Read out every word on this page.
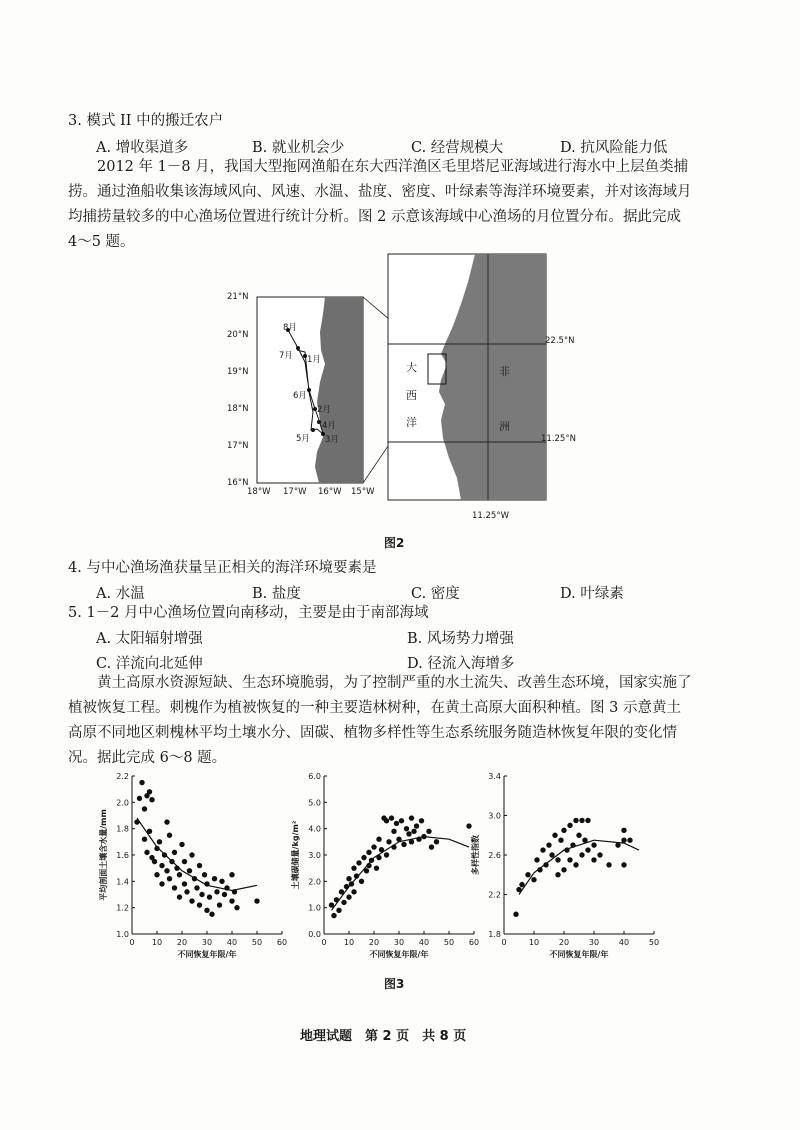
3. 模式 II 中的搬迁农户
A. 增收渠道多	B. 就业机会少	C. 经营规模大	D. 抗风险能力低
2012 年 1－8 月，我国大型拖网渔船在东大西洋渔区毛里塔尼亚海域进行海水中上层鱼类捕捞。通过渔船收集该海域风向、风速、水温、盐度、密度、叶绿素等海洋环境要素，并对该海域月均捕捞量较多的中心渔场位置进行统计分析。图 2 示意该海域中心渔场的月位置分布。据此完成 4～5 题。
21°N
20°N
19°N
18°N
17°N
16°N
18°W 17°W 16°W 15°W
8月
7月 1月
6月
2月
4月
5月 3月
大
西
洋
非
洲
22.5°N
11.25°N
11.25°W
图2
4. 与中心渔场渔获量呈正相关的海洋环境要素是
A. 水温	B. 盐度	C. 密度	D. 叶绿素
5. 1－2 月中心渔场位置向南移动，主要是由于南部海域
A. 太阳辐射增强	B. 风场势力增强
C. 洋流向北延伸	D. 径流入海增多
黄土高原水资源短缺、生态环境脆弱，为了控制严重的水土流失、改善生态环境，国家实施了植被恢复工程。刺槐作为植被恢复的一种主要造林树种，在黄土高原大面积种植。图 3 示意黄土高原不同地区刺槐林平均土壤水分、固碳、植物多样性等生态系统服务随造林恢复年限的变化情况。据此完成 6～8 题。
1.0
1.2
1.4
1.6
1.8
2.0
2.2
0 10 20 30 40 50 60
不同恢复年限/年
平均剖面土壤含水量/mm
0.0
1.0
2.0
3.0
4.0
5.0
6.0
0 10 20 30 40 50 60
不同恢复年限/年
土壤碳储量/kg/m²
1.8
2.2
2.6
3.0
3.4
0	10 20 30 40 50
不同恢复年限/年
多样性指数
图3
地理试题　第 2 页　共 8 页
